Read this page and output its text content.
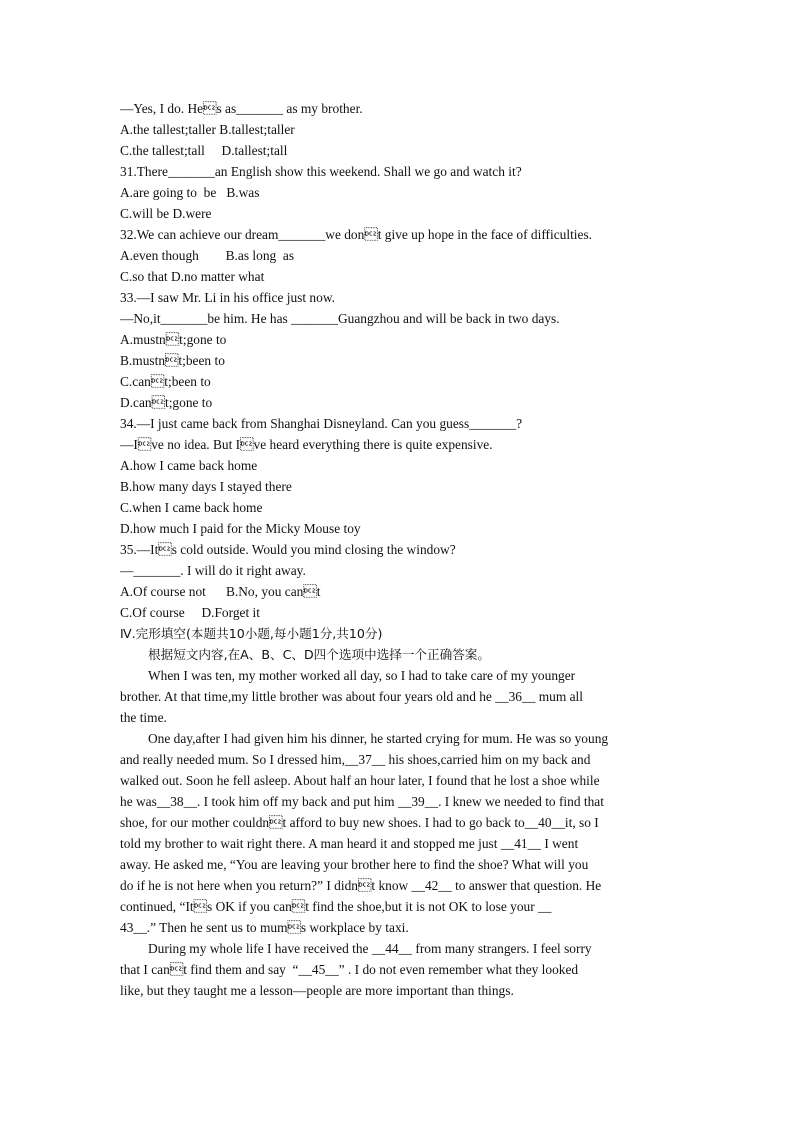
—Yes, I do. Hes as_______ as my brother.
A.the tallest;taller B.tallest;taller
C.the tallest;tall     D.tallest;tall
31.There_______an English show this weekend. Shall we go and watch it?
A.are going to  be   B.was
C.will be D.were
32.We can achieve our dream_______we dont give up hope in the face of difficulties.
A.even though        B.as long  as
C.so that D.no matter what
33.—I saw Mr. Li in his office just now.
—No,it_______be him. He has _______Guangzhou and will be back in two days.
A.mustnt;gone to
B.mustnt;been to
C.cant;been to
D.cant;gone to
34.—I just came back from Shanghai Disneyland. Can you guess_______?
—Ive no idea. But Ive heard everything there is quite expensive.
A.how I came back home
B.how many days I stayed there
C.when I came back home
D.how much I paid for the Micky Mouse toy
35.—Its cold outside. Would you mind closing the window?
—_______. I will do it right away.
A.Of course not      B.No, you cant
C.Of course     D.Forget it
Ⅳ.完形填空(本题共10小题,每小题1分,共10分)
根据短文内容,在A、B、C、D四个选项中选择一个正确答案。
When I was ten, my mother worked all day, so I had to take care of my younger
brother. At that time,my little brother was about four years old and he __36__ mum all
the time.
One day,after I had given him his dinner, he started crying for mum. He was so young
and really needed mum. So I dressed him,__37__ his shoes,carried him on my back and
walked out. Soon he fell asleep. About half an hour later, I found that he lost a shoe while
he was__38__. I took him off my back and put him __39__. I knew we needed to find that
shoe, for our mother couldnt afford to buy new shoes. I had to go back to__40__it, so I
told my brother to wait right there. A man heard it and stopped me just __41__ I went
away. He asked me, “You are leaving your brother here to find the shoe? What will you
do if he is not here when you return?” I didnt know __42__ to answer that question. He
continued, “Its OK if you cant find the shoe,but it is not OK to lose your __
43__.” Then he sent us to mums workplace by taxi.
During my whole life I have received the __44__ from many strangers. I feel sorry
that I cant find them and say  “__45__” . I do not even remember what they looked
like, but they taught me a lesson—people are more important than things.
